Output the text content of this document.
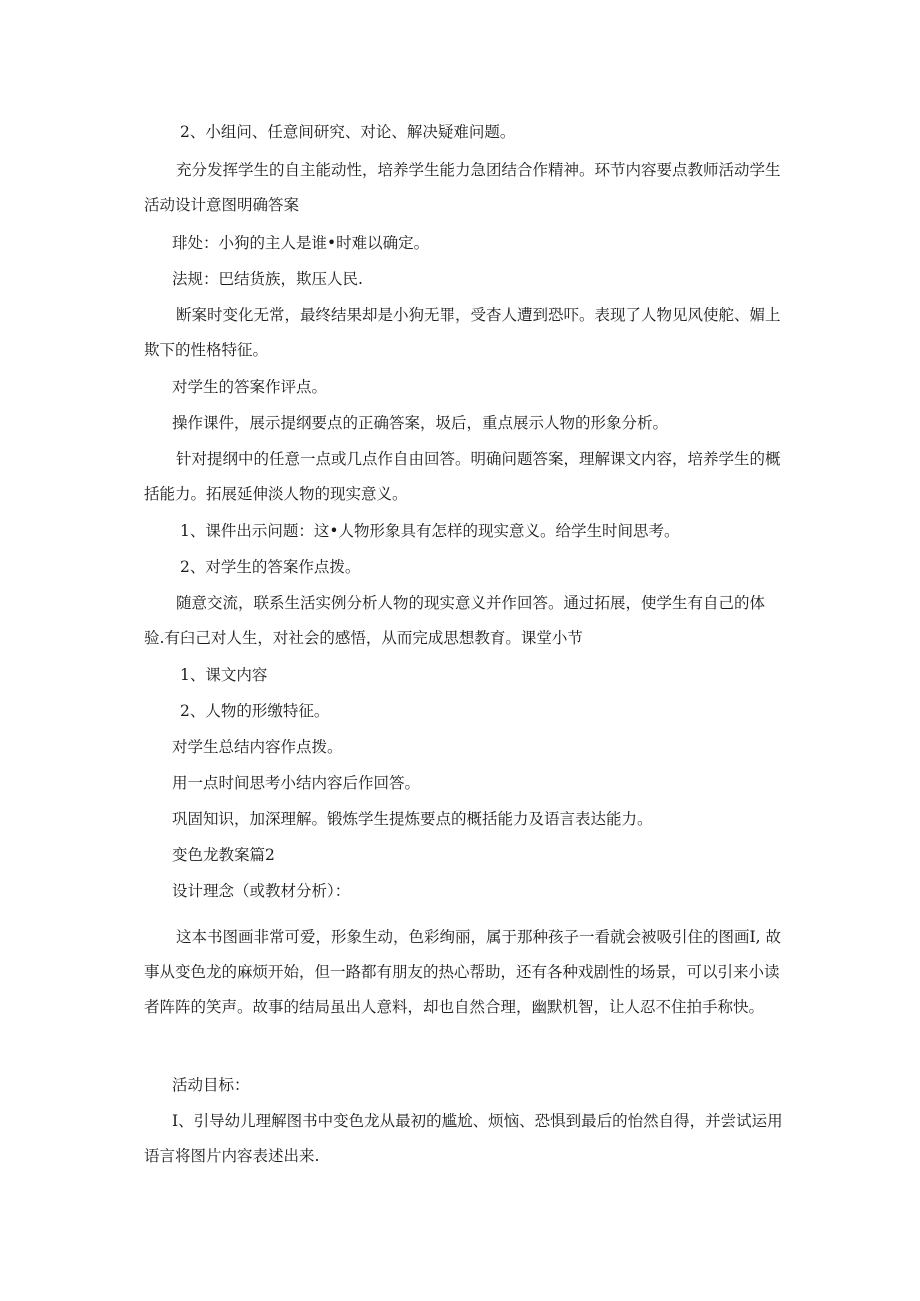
2、小组问、任意间研究、对论、解决疑难问题。

充分发挥学生的自主能动性，培养学生能力急团结合作精神。环节内容要点教师活动学生活动设计意图明确答案

琲处：小狗的主人是谁•时难以确定。

法规：巴结货族，欺压人民.

断案时变化无常，最终结果却是小狗无罪，受杳人遭到恐吓。表现了人物见风使舵、媚上欺下的性格特征。

对学生的答案作评点。

操作课件，展示提纲要点的正确答案，圾后，重点展示人物的形象分析。

针对提纲中的任意一点或几点作自由回答。明确问题答案，理解课文内容，培养学生的概括能力。拓展延伸淡人物的现实意义。

1、课件出示问题：这•人物形象具有怎样的现实意义。给学生时间思考。

2、对学生的答案作点拨。

随意交流，联系生活实例分析人物的现实意义并作回答。通过拓展，使学生有自己的体验.有臼己对人生，对社会的感悟，从而完成思想教育。课堂小节

1、课文内容

2、人物的形缴特征。

对学生总结内容作点拨。

用一点时间思考小结内容后作回答。

巩固知识，加深理解。锻炼学生提炼要点的概括能力及语言表达能力。

变色龙教案篇2

设计理念（或教材分析）：

这本书图画非常可爱，形象生动，色彩绚丽，属于那种孩子一看就会被吸引住的图画I, 故事从变色龙的麻烦开始，但一路都有朋友的热心帮助，还有各种戏剧性的场景，可以引来小读者阵阵的笑声。故事的结局虽出人意料，却也自然合理，幽默机智，让人忍不住拍手称快。

活动目标：

I、引导幼儿理解图书中变色龙从最初的尴尬、烦恼、恐惧到最后的怡然自得，并尝试运用语言将图片内容表述出来.
